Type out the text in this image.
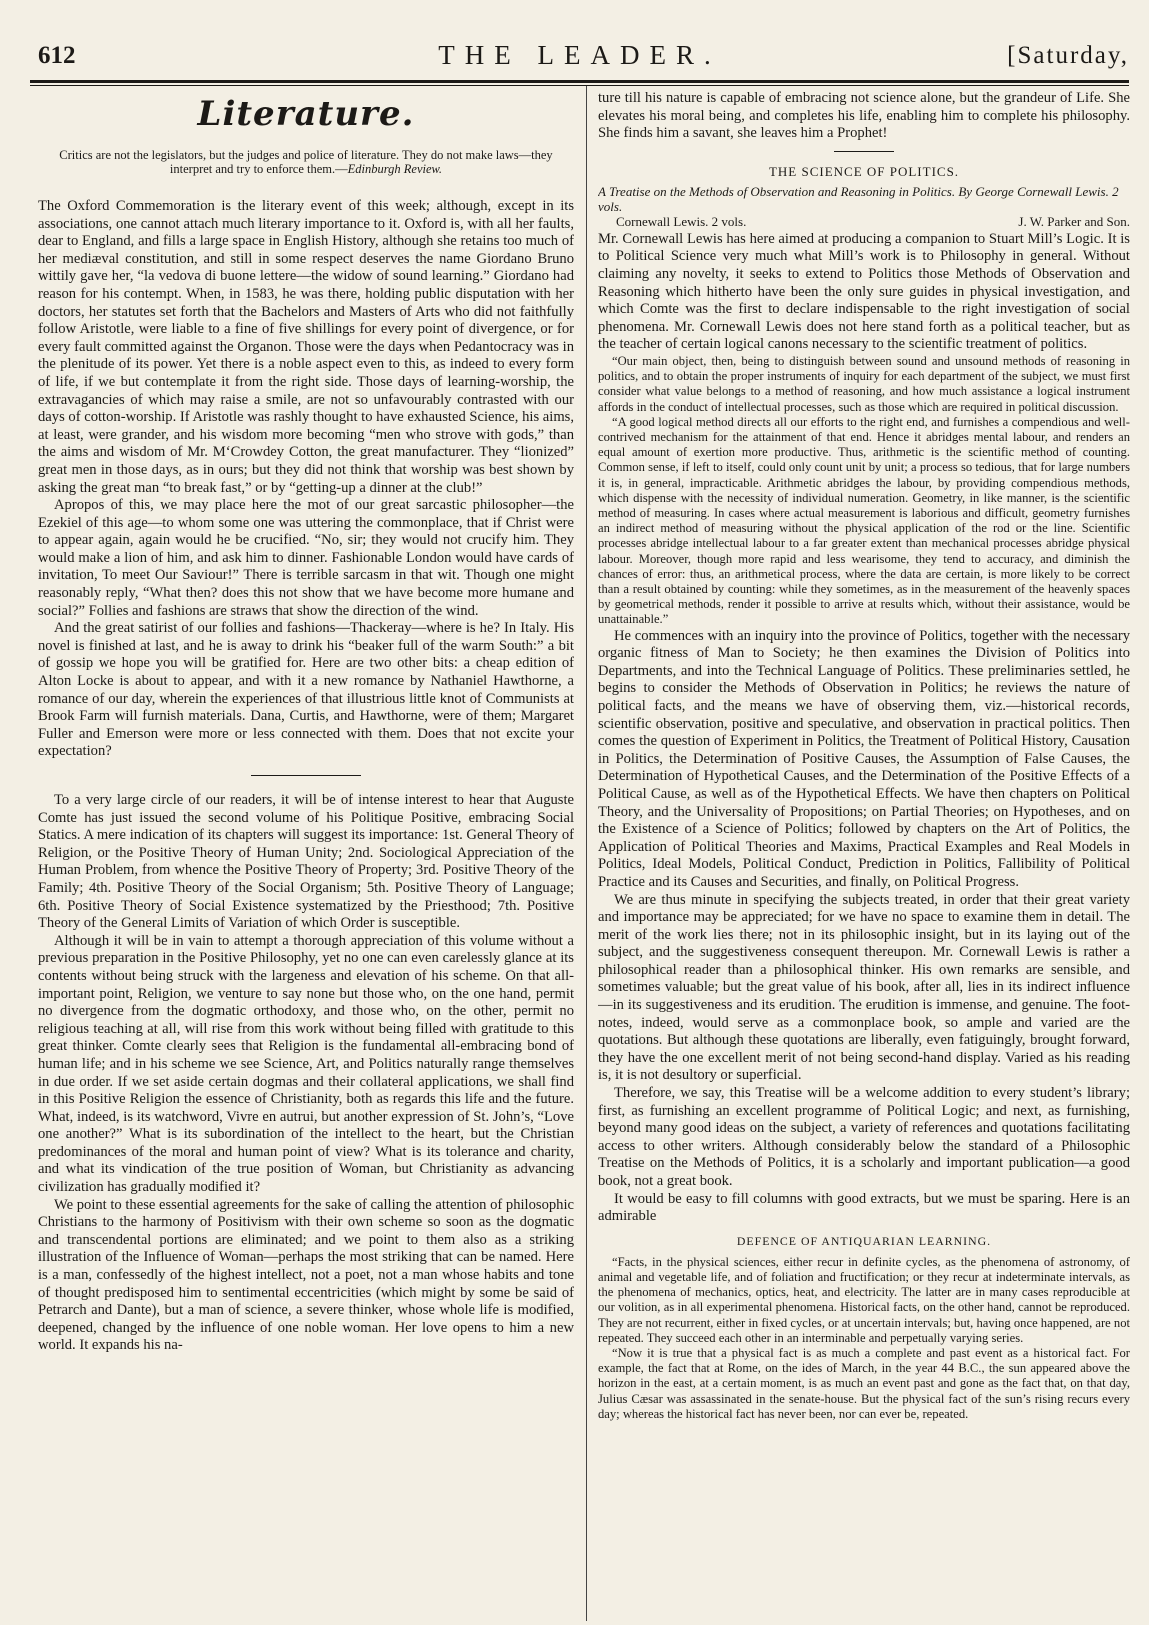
612	THE LEADER.	[Saturday,
Literature.
Critics are not the legislators, but the judges and police of literature. They do not make laws—they interpret and try to enforce them.—Edinburgh Review.

The Oxford Commemoration is the literary event of this week; although, except in its associations, one cannot attach much literary importance to it. Oxford is, with all her faults, dear to England, and fills a large space in English History, although she retains too much of her mediæval constitution, and still in some respect deserves the name Giordano Bruno wittily gave her, “la vedova di buone lettere—the widow of sound learning.” Giordano had reason for his contempt. When, in 1583, he was there, holding public disputation with her doctors, her statutes set forth that the Bachelors and Masters of Arts who did not faithfully follow Aristotle, were liable to a fine of five shillings for every point of divergence, or for every fault committed against the Organon. Those were the days when Pedantocracy was in the plenitude of its power. Yet there is a noble aspect even to this, as indeed to every form of life, if we but contemplate it from the right side. Those days of learning-worship, the extravagancies of which may raise a smile, are not so unfavourably contrasted with our days of cotton-worship. If Aristotle was rashly thought to have exhausted Science, his aims, at least, were grander, and his wisdom more becoming “men who strove with gods,” than the aims and wisdom of Mr. M‘Crowdey Cotton, the great manufacturer. They “lionized” great men in those days, as in ours; but they did not think that worship was best shown by asking the great man “to break fast,” or by “getting-up a dinner at the club!”

Apropos of this, we may place here the mot of our great sarcastic philosopher—the Ezekiel of this age—to whom some one was uttering the commonplace, that if Christ were to appear again, again would he be crucified. “No, sir; they would not crucify him. They would make a lion of him, and ask him to dinner. Fashionable London would have cards of invitation, To meet Our Saviour!” There is terrible sarcasm in that wit. Though one might reasonably reply, “What then? does this not show that we have become more humane and social?” Follies and fashions are straws that show the direction of the wind.

And the great satirist of our follies and fashions—Thackeray—where is he? In Italy. His novel is finished at last, and he is away to drink his “beaker full of the warm South:” a bit of gossip we hope you will be gratified for. Here are two other bits: a cheap edition of Alton Locke is about to appear, and with it a new romance by Nathaniel Hawthorne, a romance of our day, wherein the experiences of that illustrious little knot of Communists at Brook Farm will furnish materials. Dana, Curtis, and Hawthorne, were of them; Margaret Fuller and Emerson were more or less connected with them. Does that not excite your expectation?

To a very large circle of our readers, it will be of intense interest to hear that Auguste Comte has just issued the second volume of his Politique Positive, embracing Social Statics. A mere indication of its chapters will suggest its importance: 1st. General Theory of Religion, or the Positive Theory of Human Unity; 2nd. Sociological Appreciation of the Human Problem, from whence the Positive Theory of Property; 3rd. Positive Theory of the Family; 4th. Positive Theory of the Social Organism; 5th. Positive Theory of Language; 6th. Positive Theory of Social Existence systematized by the Priesthood; 7th. Positive Theory of the General Limits of Variation of which Order is susceptible.

Although it will be in vain to attempt a thorough appreciation of this volume without a previous preparation in the Positive Philosophy, yet no one can even carelessly glance at its contents without being struck with the largeness and elevation of his scheme. On that all-important point, Religion, we venture to say none but those who, on the one hand, permit no divergence from the dogmatic orthodoxy, and those who, on the other, permit no religious teaching at all, will rise from this work without being filled with gratitude to this great thinker. Comte clearly sees that Religion is the fundamental all-embracing bond of human life; and in his scheme we see Science, Art, and Politics naturally range themselves in due order. If we set aside certain dogmas and their collateral applications, we shall find in this Positive Religion the essence of Christianity, both as regards this life and the future. What, indeed, is its watchword, Vivre en autrui, but another expression of St. John’s, “Love one another?” What is its subordination of the intellect to the heart, but the Christian predominances of the moral and human point of view? What is its tolerance and charity, and what its vindication of the true position of Woman, but Christianity as advancing civilization has gradually modified it?

We point to these essential agreements for the sake of calling the attention of philosophic Christians to the harmony of Positivism with their own scheme so soon as the dogmatic and transcendental portions are eliminated; and we point to them also as a striking illustration of the Influence of Woman—perhaps the most striking that can be named. Here is a man, confessedly of the highest intellect, not a poet, not a man whose habits and tone of thought predisposed him to sentimental eccentricities (which might by some be said of Petrarch and Dante), but a man of science, a severe thinker, whose whole life is modified, deepened, changed by the influence of one noble woman. Her love opens to him a new world. It expands his na-

ture till his nature is capable of embracing not science alone, but the grandeur of Life. She elevates his moral being, and completes his life, enabling him to complete his philosophy. She finds him a savant, she leaves him a Prophet!

THE SCIENCE OF POLITICS.
A Treatise on the Methods of Observation and Reasoning in Politics. By George Cornewall Lewis. 2 vols.
Cornewall Lewis. 2 vols.	J. W. Parker and Son.

Mr. Cornewall Lewis has here aimed at producing a companion to Stuart Mill’s Logic. It is to Political Science very much what Mill’s work is to Philosophy in general. Without claiming any novelty, it seeks to extend to Politics those Methods of Observation and Reasoning which hitherto have been the only sure guides in physical investigation, and which Comte was the first to declare indispensable to the right investigation of social phenomena. Mr. Cornewall Lewis does not here stand forth as a political teacher, but as the teacher of certain logical canons necessary to the scientific treatment of politics.

“Our main object, then, being to distinguish between sound and unsound methods of reasoning in politics, and to obtain the proper instruments of inquiry for each department of the subject, we must first consider what value belongs to a method of reasoning, and how much assistance a logical instrument affords in the conduct of intellectual processes, such as those which are required in political discussion.

“A good logical method directs all our efforts to the right end, and furnishes a compendious and well-contrived mechanism for the attainment of that end. Hence it abridges mental labour, and renders an equal amount of exertion more productive. Thus, arithmetic is the scientific method of counting. Common sense, if left to itself, could only count unit by unit; a process so tedious, that for large numbers it is, in general, impracticable. Arithmetic abridges the labour, by providing compendious methods, which dispense with the necessity of individual numeration. Geometry, in like manner, is the scientific method of measuring. In cases where actual measurement is laborious and difficult, geometry furnishes an indirect method of measuring without the physical application of the rod or the line. Scientific processes abridge intellectual labour to a far greater extent than mechanical processes abridge physical labour. Moreover, though more rapid and less wearisome, they tend to accuracy, and diminish the chances of error: thus, an arithmetical process, where the data are certain, is more likely to be correct than a result obtained by counting: while they sometimes, as in the measurement of the heavenly spaces by geometrical methods, render it possible to arrive at results which, without their assistance, would be unattainable.”

He commences with an inquiry into the province of Politics, together with the necessary organic fitness of Man to Society; he then examines the Division of Politics into Departments, and into the Technical Language of Politics. These preliminaries settled, he begins to consider the Methods of Observation in Politics; he reviews the nature of political facts, and the means we have of observing them, viz.—historical records, scientific observation, positive and speculative, and observation in practical politics. Then comes the question of Experiment in Politics, the Treatment of Political History, Causation in Politics, the Determination of Positive Causes, the Assumption of False Causes, the Determination of Hypothetical Causes, and the Determination of the Positive Effects of a Political Cause, as well as of the Hypothetical Effects. We have then chapters on Political Theory, and the Universality of Propositions; on Partial Theories; on Hypotheses, and on the Existence of a Science of Politics; followed by chapters on the Art of Politics, the Application of Political Theories and Maxims, Practical Examples and Real Models in Politics, Ideal Models, Political Conduct, Prediction in Politics, Fallibility of Political Practice and its Causes and Securities, and finally, on Political Progress.

We are thus minute in specifying the subjects treated, in order that their great variety and importance may be appreciated; for we have no space to examine them in detail. The merit of the work lies there; not in its philosophic insight, but in its laying out of the subject, and the suggestiveness consequent thereupon. Mr. Cornewall Lewis is rather a philosophical reader than a philosophical thinker. His own remarks are sensible, and sometimes valuable; but the great value of his book, after all, lies in its indirect influence—in its suggestiveness and its erudition. The erudition is immense, and genuine. The foot-notes, indeed, would serve as a commonplace book, so ample and varied are the quotations. But although these quotations are liberally, even fatiguingly, brought forward, they have the one excellent merit of not being second-hand display. Varied as his reading is, it is not desultory or superficial.

Therefore, we say, this Treatise will be a welcome addition to every student’s library; first, as furnishing an excellent programme of Political Logic; and next, as furnishing, beyond many good ideas on the subject, a variety of references and quotations facilitating access to other writers. Although considerably below the standard of a Philosophic Treatise on the Methods of Politics, it is a scholarly and important publication—a good book, not a great book.

It would be easy to fill columns with good extracts, but we must be sparing. Here is an admirable

DEFENCE OF ANTIQUARIAN LEARNING.

“Facts, in the physical sciences, either recur in definite cycles, as the phenomena of astronomy, of animal and vegetable life, and of foliation and fructification; or they recur at indeterminate intervals, as the phenomena of mechanics, optics, heat, and electricity. The latter are in many cases reproducible at our volition, as in all experimental phenomena. Historical facts, on the other hand, cannot be reproduced. They are not recurrent, either in fixed cycles, or at uncertain intervals; but, having once happened, are not repeated. They succeed each other in an interminable and perpetually varying series.

“Now it is true that a physical fact is as much a complete and past event as a historical fact. For example, the fact that at Rome, on the ides of March, in the year 44 B.C., the sun appeared above the horizon in the east, at a certain moment, is as much an event past and gone as the fact that, on that day, Julius Cæsar was assassinated in the senate-house. But the physical fact of the sun’s rising recurs every day; whereas the historical fact has never been, nor can ever be, repeated.
